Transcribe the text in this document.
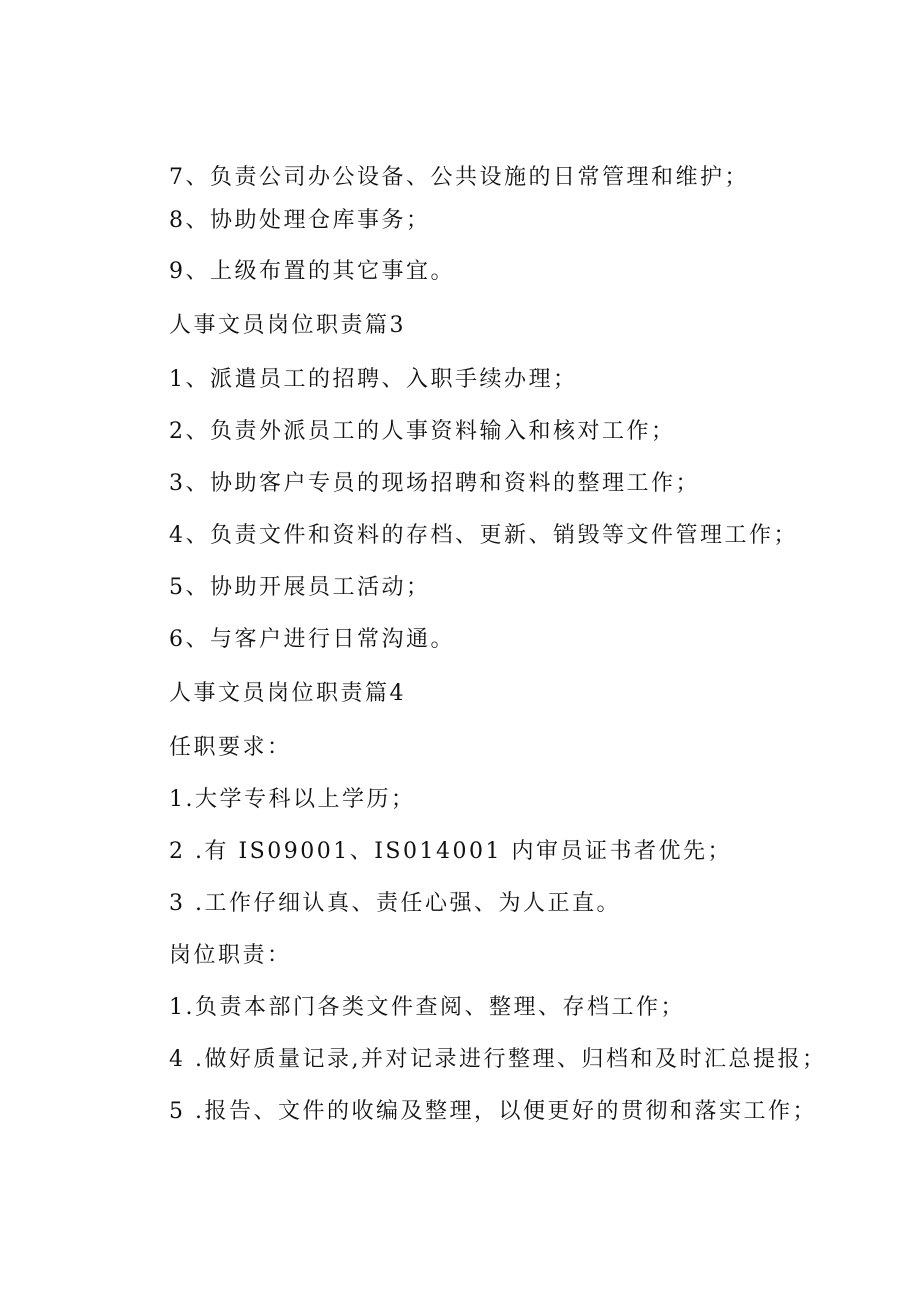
7、负责公司办公设备、公共设施的日常管理和维护；

8、协助处理仓库事务；

9、上级布置的其它事宜。

人事文员岗位职责篇3

1、派遣员工的招聘、入职手续办理；

2、负责外派员工的人事资料输入和核对工作；

3、协助客户专员的现场招聘和资料的整理工作；

4、负责文件和资料的存档、更新、销毁等文件管理工作；

5、协助开展员工活动；

6、与客户进行日常沟通。

人事文员岗位职责篇4

任职要求：

1.大学专科以上学历；

2 .有 IS09001、IS014001 内审员证书者优先；

3 .工作仔细认真、责任心强、为人正直。

岗位职责：

1.负责本部门各类文件查阅、整理、存档工作；

4 .做好质量记录,并对记录进行整理、归档和及时汇总提报；

5 .报告、文件的收编及整理，以便更好的贯彻和落实工作；
